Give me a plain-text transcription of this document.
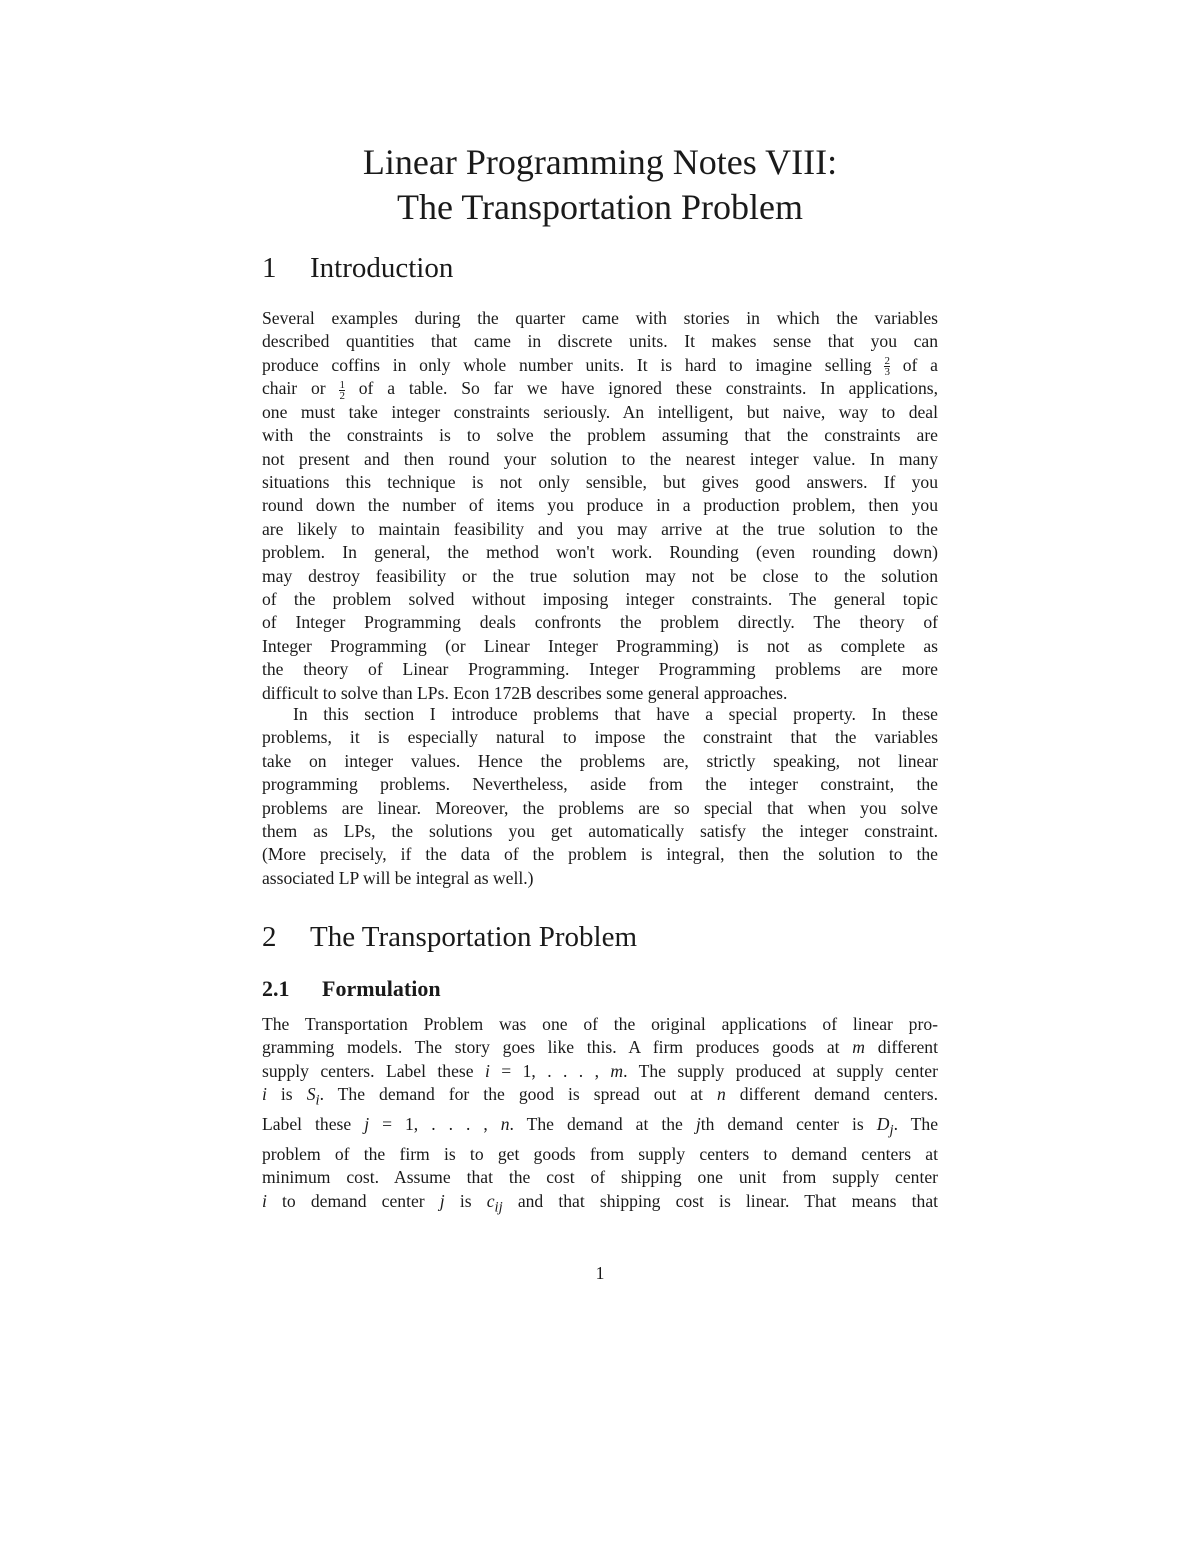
Linear Programming Notes VIII:
The Transportation Problem
1 Introduction
Several examples during the quarter came with stories in which the variables
described quantities that came in discrete units. It makes sense that you can
produce coffins in only whole number units. It is hard to imagine selling $\frac{2}{3}$ of a
chair or $\frac{1}{2}$ of a table. So far we have ignored these constraints. In applications,
one must take integer constraints seriously. An intelligent, but naive, way to deal
with the constraints is to solve the problem assuming that the constraints are
not present and then round your solution to the nearest integer value. In many
situations this technique is not only sensible, but gives good answers. If you
round down the number of items you produce in a production problem, then you
are likely to maintain feasibility and you may arrive at the true solution to the
problem. In general, the method won't work. Rounding (even rounding down)
may destroy feasibility or the true solution may not be close to the solution
of the problem solved without imposing integer constraints. The general topic
of Integer Programming deals confronts the problem directly. The theory of
Integer Programming (or Linear Integer Programming) is not as complete as
the theory of Linear Programming. Integer Programming problems are more
difficult to solve than LPs. Econ 172B describes some general approaches.
In this section I introduce problems that have a special property. In these
problems, it is especially natural to impose the constraint that the variables
take on integer values. Hence the problems are, strictly speaking, not linear
programming problems. Nevertheless, aside from the integer constraint, the
problems are linear. Moreover, the problems are so special that when you solve
them as LPs, the solutions you get automatically satisfy the integer constraint.
(More precisely, if the data of the problem is integral, then the solution to the
associated LP will be integral as well.)
2 The Transportation Problem
2.1 Formulation
The Transportation Problem was one of the original applications of linear pro-
gramming models. The story goes like this. A firm produces goods at m different
supply centers. Label these i = 1, . . . , m. The supply produced at supply center
i is $S_i$. The demand for the good is spread out at n different demand centers.
Label these j = 1, . . . , n. The demand at the jth demand center is $D_j$. The
problem of the firm is to get goods from supply centers to demand centers at
minimum cost. Assume that the cost of shipping one unit from supply center
i to demand center j is $c_{ij}$ and that shipping cost is linear. That means that
1
